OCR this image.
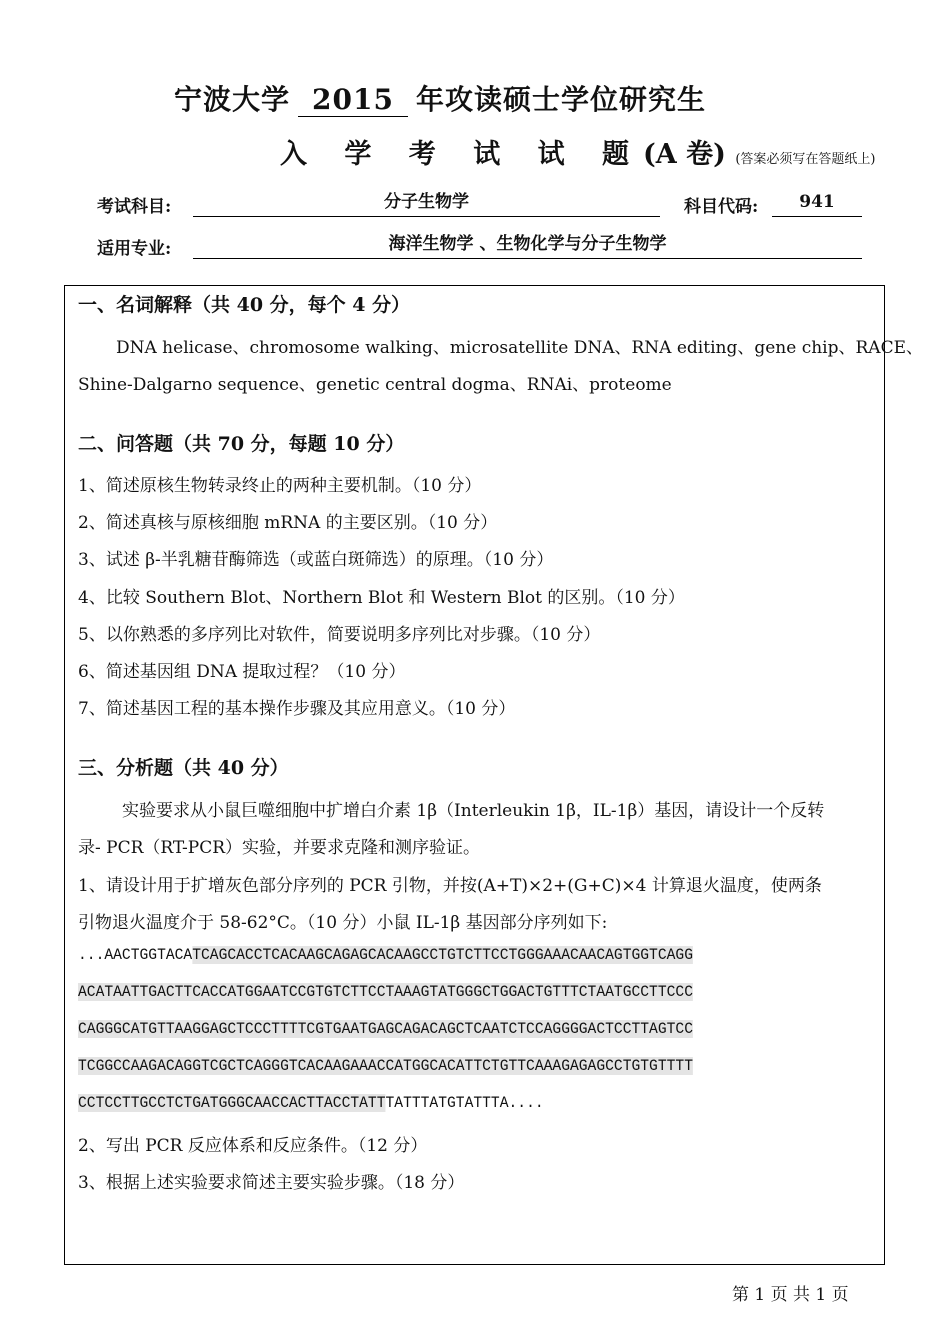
宁波大学 2015 年攻读硕士学位研究生
入 学 考 试 试 题(A 卷) (答案必须写在答题纸上)
考试科目:	分子生物学	科目代码:	941
适用专业:	海洋生物学 、生物化学与分子生物学
一、名词解释（共 40 分，每个 4 分）
DNA helicase、chromosome walking、microsatellite DNA、RNA editing、gene chip、RACE、
Shine-Dalgarno sequence、genetic central dogma、RNAi、proteome
二、问答题（共 70 分，每题 10 分）
1、简述原核生物转录终止的两种主要机制。（10 分）
2、简述真核与原核细胞 mRNA 的主要区别。（10 分）
3、试述 β-半乳糖苷酶筛选（或蓝白斑筛选）的原理。（10 分）
4、比较 Southern Blot、Northern Blot 和 Western Blot 的区别。（10 分）
5、以你熟悉的多序列比对软件，简要说明多序列比对步骤。（10 分）
6、简述基因组 DNA 提取过程？（10 分）
7、简述基因工程的基本操作步骤及其应用意义。（10 分）
三、分析题（共 40 分）
实验要求从小鼠巨噬细胞中扩增白介素 1β（Interleukin 1β，IL-1β）基因，请设计一个反转
录- PCR（RT-PCR）实验，并要求克隆和测序验证。
1、请设计用于扩增灰色部分序列的 PCR 引物，并按(A+T)×2+(G+C)×4 计算退火温度，使两条
引物退火温度介于 58-62°C。（10 分）小鼠 IL-1β 基因部分序列如下:
...AACTGGTACATCAGCACCTCACAAGCAGAGCACAAGCCTGTCTTCCTGGGAAACAACAGTGGTCAGG
ACATAATTGACTTCACCATGGAATCCGTGTCTTCCTAAAGTATGGGCTGGACTGTTTCTAATGCCTTCCC
CAGGGCATGTTAAGGAGCTCCCTTTTCGTGAATGAGCAGACAGCTCAATCTCCAGGGGACTCCTTAGTCC
TCGGCCAAGACAGGTCGCTCAGGGTCACAAGAAACCATGGCACATTCTGTTCAAAGAGAGCCTGTGTTTT
CCTCCTTGCCTCTGATGGGCAACCACTTACCTATTTATTTATGTATTTA....
2、写出 PCR 反应体系和反应条件。（12 分）
3、根据上述实验要求简述主要实验步骤。（18 分）
第 1 页 共 1 页
